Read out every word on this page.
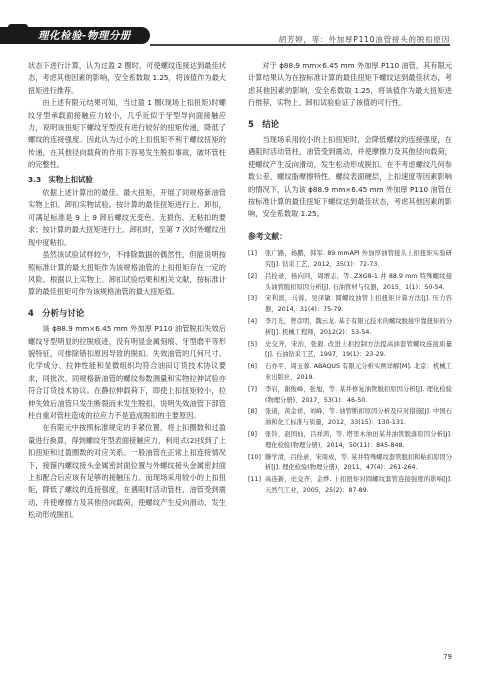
理化检验-物理分册	胡芳婷，等：外加厚P110油管接头的脱扣原因

状态下进行计算，认为过盈 2 圈时，可使螺纹连接达到最佳状态，考虑其他因素的影响，安全系数取 1.25，将该值作为最大扭矩进行推荐。

由上述有限元结果可知，当过盈 1 圈(现场上扣扭矩)时螺纹牙型承载面接触应力较小，几乎近似于牙型导向面接触应力，说明该扭矩下螺纹牙型没有进行较好的扭矩传递，降低了螺纹的连接强度。因此认为过小的上扣扭矩不利于螺纹扭矩的传递，在其他径向载荷的作用下容易发生脱扣事故，破坏管柱的完整性。

3.3　实物上扣试验

依据上述计算出的最佳、最大扭矩，开展了同规格新油管实物上扣、卸扣实物试验。按计算的最佳扭矩进行上、卸扣，可满足标准是 9 上 9 卸后螺纹无变色、无损伤、无粘扣的要求；按计算的最大扭矩进行上、卸扣时，至第 7 次时外螺纹出现中度粘扣。

虽然该试验试样较少，不排除数据的偶然性，但能说明按照标准计算的最大扭矩作为该规格油管的上扣扭矩存在一定的风险。根据以上实物上、卸扣试验结果和相关文献，按标准计算的最佳扭矩可作为该规格油管的最大扭矩值。

4　分析与讨论

该 ϕ88.9 mm×6.45 mm 外加厚 P110 油管脱扣失效后螺纹牙型明显的拉脱痕迹，没有明显金属刻痕、牙型磨平等形貌特征，可排除错扣原因导致的脱扣。失效油管的几何尺寸、化学成分、拉伸性能和显微组织均符合油田订货技术协议要求，同批次、同规格新油管的螺纹参数测量和实物拉伸试验亦符合订货技术协议。在静拉伸载荷下，即使上扣扭矩较小，拉伸失效后油管只发生断裂而未发生脱扣，说明失效油管下部管柱自重对管柱造成的拉应力不是造成脱扣的主要原因。

在有限元中按照标准规定的手紧位置，将上扣圈数和过盈量进行换算，得到螺纹牙型表面接触应力，利用式(2)找到了上扣扭矩和过盈圈数的对应关系。一般油管在正常上扣连接情况下，接箍内螺纹接头金属密封面位置与外螺纹接头金属密封面上扣配合后应该有足够的接触压力。而现场采用较小的上扣扭矩，降低了螺纹的连接强度，在遇阻时活动管柱，油管受到震动，并使摩擦力及其他径向载荷，使螺纹产生反向滑动，发生松动形成脱扣。

对于 ϕ88.9 mm×6.45 mm 外加厚 P110 油管，其有限元计算结果认为在按标准计算的最佳扭矩下螺纹达到最佳状态，考虑其他因素的影响，安全系数取 1.25，将该值作为最大扭矩进行推荐，实物上、卸扣试验验证了该值的可行性。

5　结论

当现场采用较小的上扣扭矩时，会降低螺纹的连接强度，在遇阻时活动管柱，油管受到震动，并使摩擦力及其他径向载荷，使螺纹产生反向滑动，发生松动形成脱扣。在不考虑螺纹几何参数公差、螺纹脂摩擦特性、螺纹表面硬层，上扣速度等因素影响的情况下，认为该 ϕ88.9 mm×6.45 mm 外加厚 P110 油管在按标准计算的最佳扭矩下螺纹达到最佳状态，考虑其他因素的影响，安全系数取 1.25。

参考文献：
[1]	张广路，杨鹏，韩军. 89 mmAPI 外加厚油管接头上扣扭矩实验研究[J]. 钻采工艺，2012，35(1)：72-73.
[2]	吕拴录，杨向同，周增志，等. ZXG8-1 井 88.9 mm 特殊螺纹接头油管脱扣原因分析[J]. 石油管材与仪器，2015，1(1)：50-54.
[3]	宋利滨，马蓉，吴泽敏. 圆螺纹油管上扣扭矩计算方法[J]. 压力容器，2014，31(4)：75-79.
[4]	李月光，曾彦明，魏云龙. 基于有限元技术的螺纹脱接牢靠扭矩的分析[J]. 机械工程师，2012(2)：53-54.
[5]	史交齐，宋治，张毅. 改进上扣控制方法提高油套管螺纹连接质量[J]. 石油钻采工艺，1997，19(1)：23-29.
[6]	石亦平，周玉蓉. ABAQUS 有限元分析实例详解[M]. 北京：机械工业出版社，2019.
[7]	李岩，谢俊峰，张旭，等. 某井修复油管脱扣原因分析[J]. 理化检验(物理分册)，2017，53(1)：46-50.
[8]	张道，黄金祥，刘峰，等. 油管断扣原因分析及应对措施[J]. 中国石油和化工标准与质量，2012，33(15)：130-131.
[9]	张铃，赵国仙，吕祥鸿，等. 塔里木油田某井油管脱落原因分析[J]. 理化检验(物理分册)，2014，50(11)：845-848.
[10] 滕学清，吕拴录，宋周成，等. 某井特殊螺纹套管脱扣和粘扣原因分析[J]. 理化检验(物理分册)，2011，47(4)：261-264.
[11] 高连新，史交齐，金烨. 上扣扭矩对圆螺纹套管连接强度的影响[J]. 天然气工业，2005，25(2)：87-89.
79
